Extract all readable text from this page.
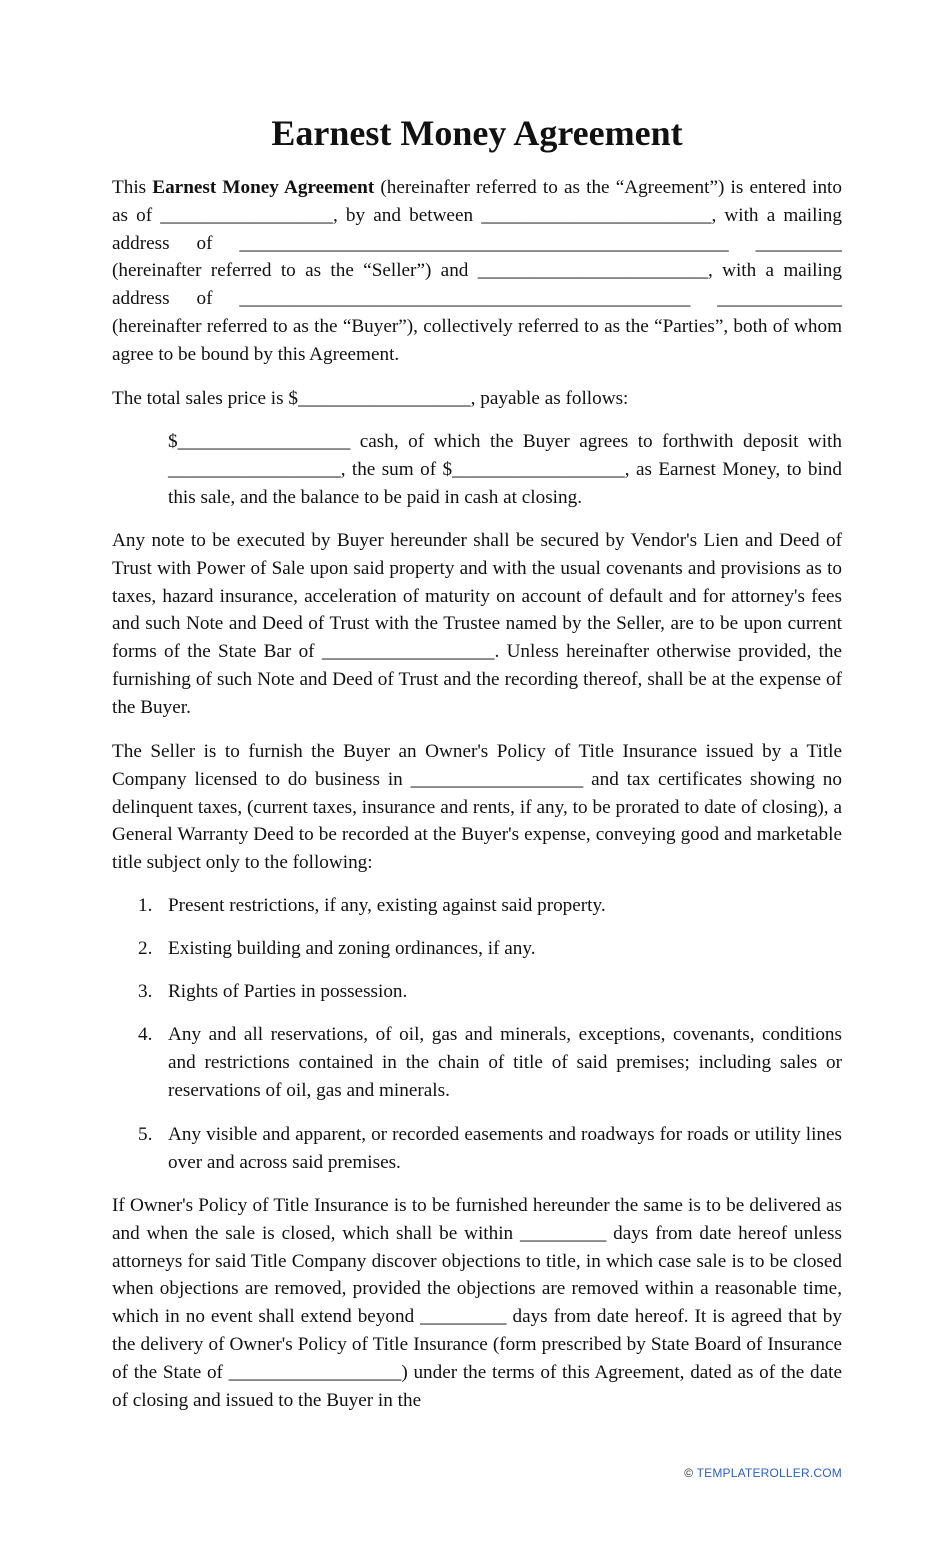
Earnest Money Agreement

This Earnest Money Agreement (hereinafter referred to as the “Agreement”) is entered into as of __________________, by and between ________________________, with a mailing address of ___________________________________________________ _________ (hereinafter referred to as the “Seller”) and ________________________, with a mailing address of _______________________________________________ _____________ (hereinafter referred to as the “Buyer”), collectively referred to as the “Parties”, both of whom agree to be bound by this Agreement.

The total sales price is $__________________, payable as follows:

$__________________ cash, of which the Buyer agrees to forthwith deposit with __________________, the sum of $__________________, as Earnest Money, to bind this sale, and the balance to be paid in cash at closing.

Any note to be executed by Buyer hereunder shall be secured by Vendor's Lien and Deed of Trust with Power of Sale upon said property and with the usual covenants and provisions as to taxes, hazard insurance, acceleration of maturity on account of default and for attorney's fees and such Note and Deed of Trust with the Trustee named by the Seller, are to be upon current forms of the State Bar of __________________. Unless hereinafter otherwise provided, the furnishing of such Note and Deed of Trust and the recording thereof, shall be at the expense of the Buyer.

The Seller is to furnish the Buyer an Owner's Policy of Title Insurance issued by a Title Company licensed to do business in __________________ and tax certificates showing no delinquent taxes, (current taxes, insurance and rents, if any, to be prorated to date of closing), a General Warranty Deed to be recorded at the Buyer's expense, conveying good and marketable title subject only to the following:

1. Present restrictions, if any, existing against said property.
2. Existing building and zoning ordinances, if any.
3. Rights of Parties in possession.
4. Any and all reservations, of oil, gas and minerals, exceptions, covenants, conditions and restrictions contained in the chain of title of said premises; including sales or reservations of oil, gas and minerals.
5. Any visible and apparent, or recorded easements and roadways for roads or utility lines over and across said premises.

If Owner's Policy of Title Insurance is to be furnished hereunder the same is to be delivered as and when the sale is closed, which shall be within _________ days from date hereof unless attorneys for said Title Company discover objections to title, in which case sale is to be closed when objections are removed, provided the objections are removed within a reasonable time, which in no event shall extend beyond _________ days from date hereof. It is agreed that by the delivery of Owner's Policy of Title Insurance (form prescribed by State Board of Insurance of the State of __________________) under the terms of this Agreement, dated as of the date of closing and issued to the Buyer in the

© TEMPLATEROLLER.COM
